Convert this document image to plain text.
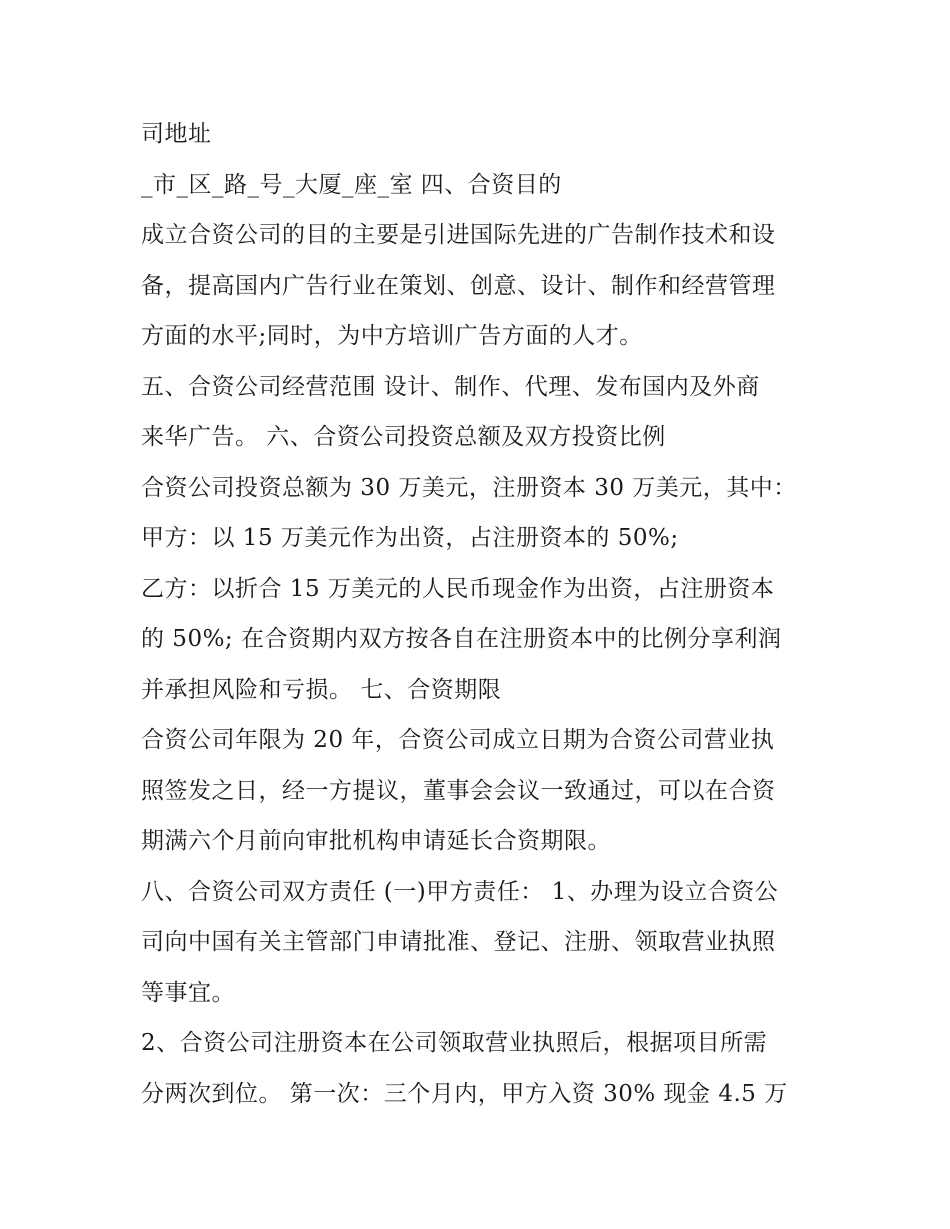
司地址
_市_区_路_号_大厦_座_室 四、合资目的
成立合资公司的目的主要是引进国际先进的广告制作技术和设
备，提高国内广告行业在策划、创意、设计、制作和经营管理
方面的水平;同时，为中方培训广告方面的人才。
五、合资公司经营范围 设计、制作、代理、发布国内及外商
来华广告。 六、合资公司投资总额及双方投资比例
合资公司投资总额为 30 万美元，注册资本 30 万美元，其中：
甲方：以 15 万美元作为出资，占注册资本的 50%;
乙方：以折合 15 万美元的人民币现金作为出资，占注册资本
的 50%; 在合资期内双方按各自在注册资本中的比例分享利润
并承担风险和亏损。 七、合资期限
合资公司年限为 20 年，合资公司成立日期为合资公司营业执
照签发之日，经一方提议，董事会会议一致通过，可以在合资
期满六个月前向审批机构申请延长合资期限。
八、合资公司双方责任 (一)甲方责任： 1、办理为设立合资公
司向中国有关主管部门申请批准、登记、注册、领取营业执照
等事宜。
2、合资公司注册资本在公司领取营业执照后，根据项目所需
分两次到位。 第一次：三个月内，甲方入资 30% 现金 4.5 万
